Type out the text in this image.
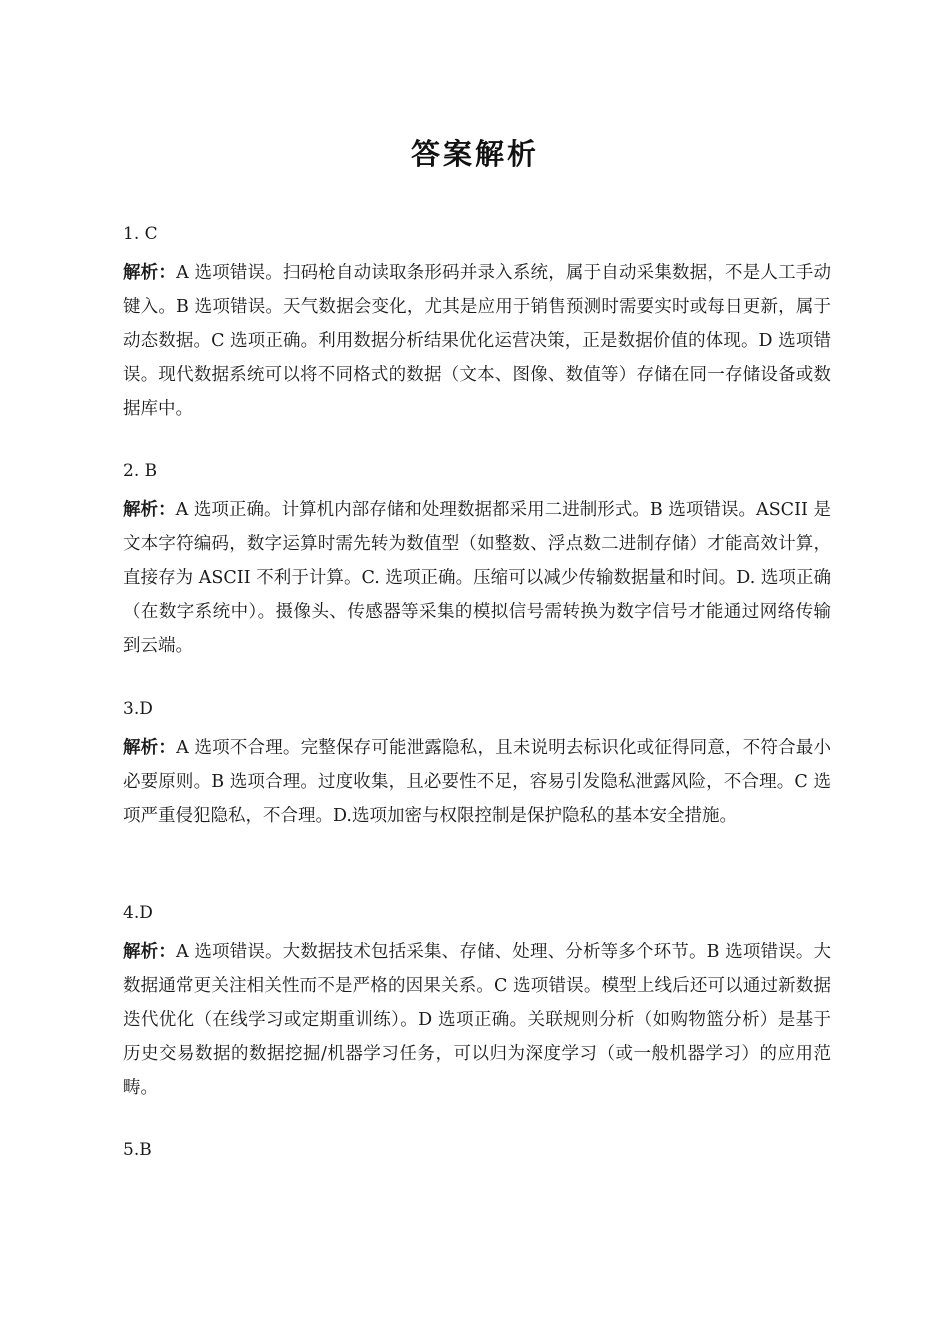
答案解析

1. C

解析：A 选项错误。扫码枪自动读取条形码并录入系统，属于自动采集数据，不是人工手动键入。B 选项错误。天气数据会变化，尤其是应用于销售预测时需要实时或每日更新，属于动态数据。C 选项正确。利用数据分析结果优化运营决策，正是数据价值的体现。D 选项错误。现代数据系统可以将不同格式的数据（文本、图像、数值等）存储在同一存储设备或数据库中。

2. B

解析：A 选项正确。计算机内部存储和处理数据都采用二进制形式。B 选项错误。ASCII 是文本字符编码，数字运算时需先转为数值型（如整数、浮点数二进制存储）才能高效计算，直接存为 ASCII 不利于计算。C. 选项正确。压缩可以减少传输数据量和时间。D. 选项正确（在数字系统中）。摄像头、传感器等采集的模拟信号需转换为数字信号才能通过网络传输到云端。

3.D

解析：A 选项不合理。完整保存可能泄露隐私，且未说明去标识化或征得同意，不符合最小必要原则。B 选项合理。过度收集，且必要性不足，容易引发隐私泄露风险，不合理。C 选项严重侵犯隐私，不合理。D.选项加密与权限控制是保护隐私的基本安全措施。

4.D

解析：A 选项错误。大数据技术包括采集、存储、处理、分析等多个环节。B 选项错误。大数据通常更关注相关性而不是严格的因果关系。C 选项错误。模型上线后还可以通过新数据迭代优化（在线学习或定期重训练）。D 选项正确。关联规则分析（如购物篮分析）是基于历史交易数据的数据挖掘/机器学习任务，可以归为深度学习（或一般机器学习）的应用范畴。

5.B
